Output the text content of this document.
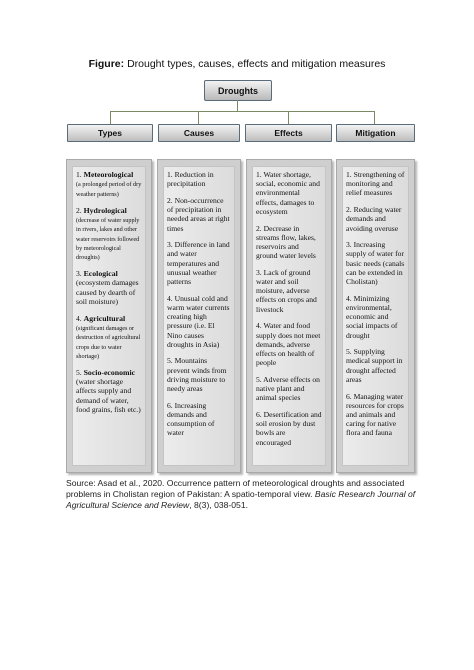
Figure: Drought types, causes, effects and mitigation measures
Droughts
Types	Causes	Effects	Mitigation
1. Meteorological
(a prolonged period of dry weather patterns)
2. Hydrological
(decrease of water supply in rivers, lakes and other water reservoirs followed by meteorological droughts)
3. Ecological
(ecosystem damages caused by dearth of soil moisture)
4. Agricultural
(significant damages or destruction of agricultural crops due to water shortage)
5. Socio-economic
(water shortage affects supply and demand of water, food grains, fish etc.)
1. Reduction in precipitation
2. Non-occurrence of precipitation in needed areas at right times
3. Difference in land and water temperatures and unusual weather patterns
4. Unusual cold and warm water currents creating high pressure (i.e. El Nino causes droughts in Asia)
5. Mountains prevent winds from driving moisture to needy areas
6. Increasing demands and consumption of water
1. Water shortage, social, economic and environmental effects, damages to ecosystem
2. Decrease in streams flow, lakes, reservoirs and ground water levels
3. Lack of ground water and soil moisture, adverse effects on crops and livestock
4. Water and food supply does not meet demands, adverse effects on health of people
5. Adverse effects on native plant and animal species
6. Desertification and soil erosion by dust bowls are encouraged
1. Strengthening of monitoring and relief measures
2. Reducing water demands and avoiding overuse
3. Increasing supply of water for basic needs (canals can be extended in Cholistan)
4. Minimizing environmental, economic and social impacts of drought
5. Supplying medical support in drought affected areas
6. Managing water resources for crops and animals and caring for native flora and fauna
Source: Asad et al., 2020. Occurrence pattern of meteorological droughts and associated problems in Cholistan region of Pakistan: A spatio-temporal view. Basic Research Journal of Agricultural Science and Review, 8(3), 038-051.
